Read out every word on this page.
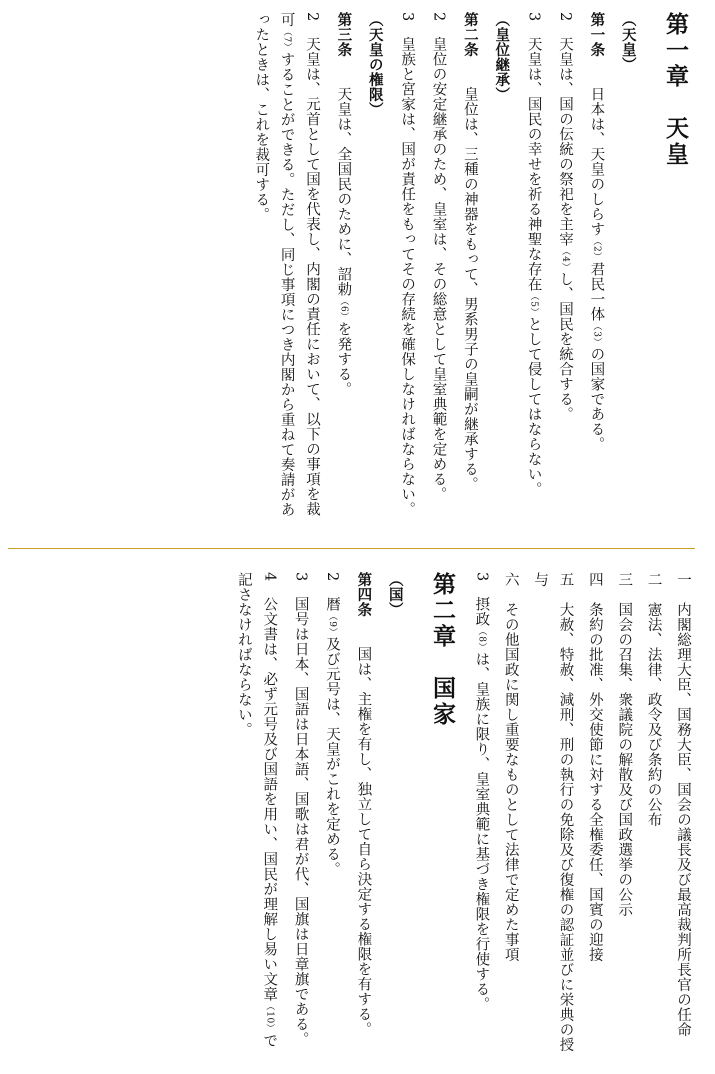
第一章　天皇
（天皇）
第一条　日本は、天皇のしらす（2）君民一体（3）の国家である。
2　天皇は、国の伝統の祭祀を主宰（4）し、国民を統合する。
3　天皇は、国民の幸せを祈る神聖な存在（5）として侵してはならない。
（皇位継承）
第二条　皇位は、三種の神器をもって、男系男子の皇嗣が継承する。
2　皇位の安定継承のため、皇室は、その総意として皇室典範を定める。
3　皇族と宮家は、国が責任をもってその存続を確保しなければならない。
（天皇の権限）
第三条　天皇は、全国民のために、詔勅（6）を発する。
2　天皇は、元首として国を代表し、内閣の責任において、以下の事項を裁可（7）することができる。ただし、同じ事項につき内閣から重ねて奏請があったときは、これを裁可する。
一　内閣総理大臣、国務大臣、国会の議長及び最高裁判所長官の任命
二　憲法、法律、政令及び条約の公布
三　国会の召集、衆議院の解散及び国政選挙の公示
四　条約の批准、外交使節に対する全権委任、国賓の迎接
五　大赦、特赦、減刑、刑の執行の免除及び復権の認証並びに栄典の授与
六　その他国政に関し重要なものとして法律で定めた事項
3　摂政（8）は、皇族に限り、皇室典範に基づき権限を行使する。
第二章　国家
（国）
第四条　国は、主権を有し、独立して自ら決定する権限を有する。
2　暦（9）及び元号は、天皇がこれを定める。
3　国号は日本、国語は日本語、国歌は君が代、国旗は日章旗である。
4　公文書は、必ず元号及び国語を用い、国民が理解し易い文章（10）で記さなければならない。
